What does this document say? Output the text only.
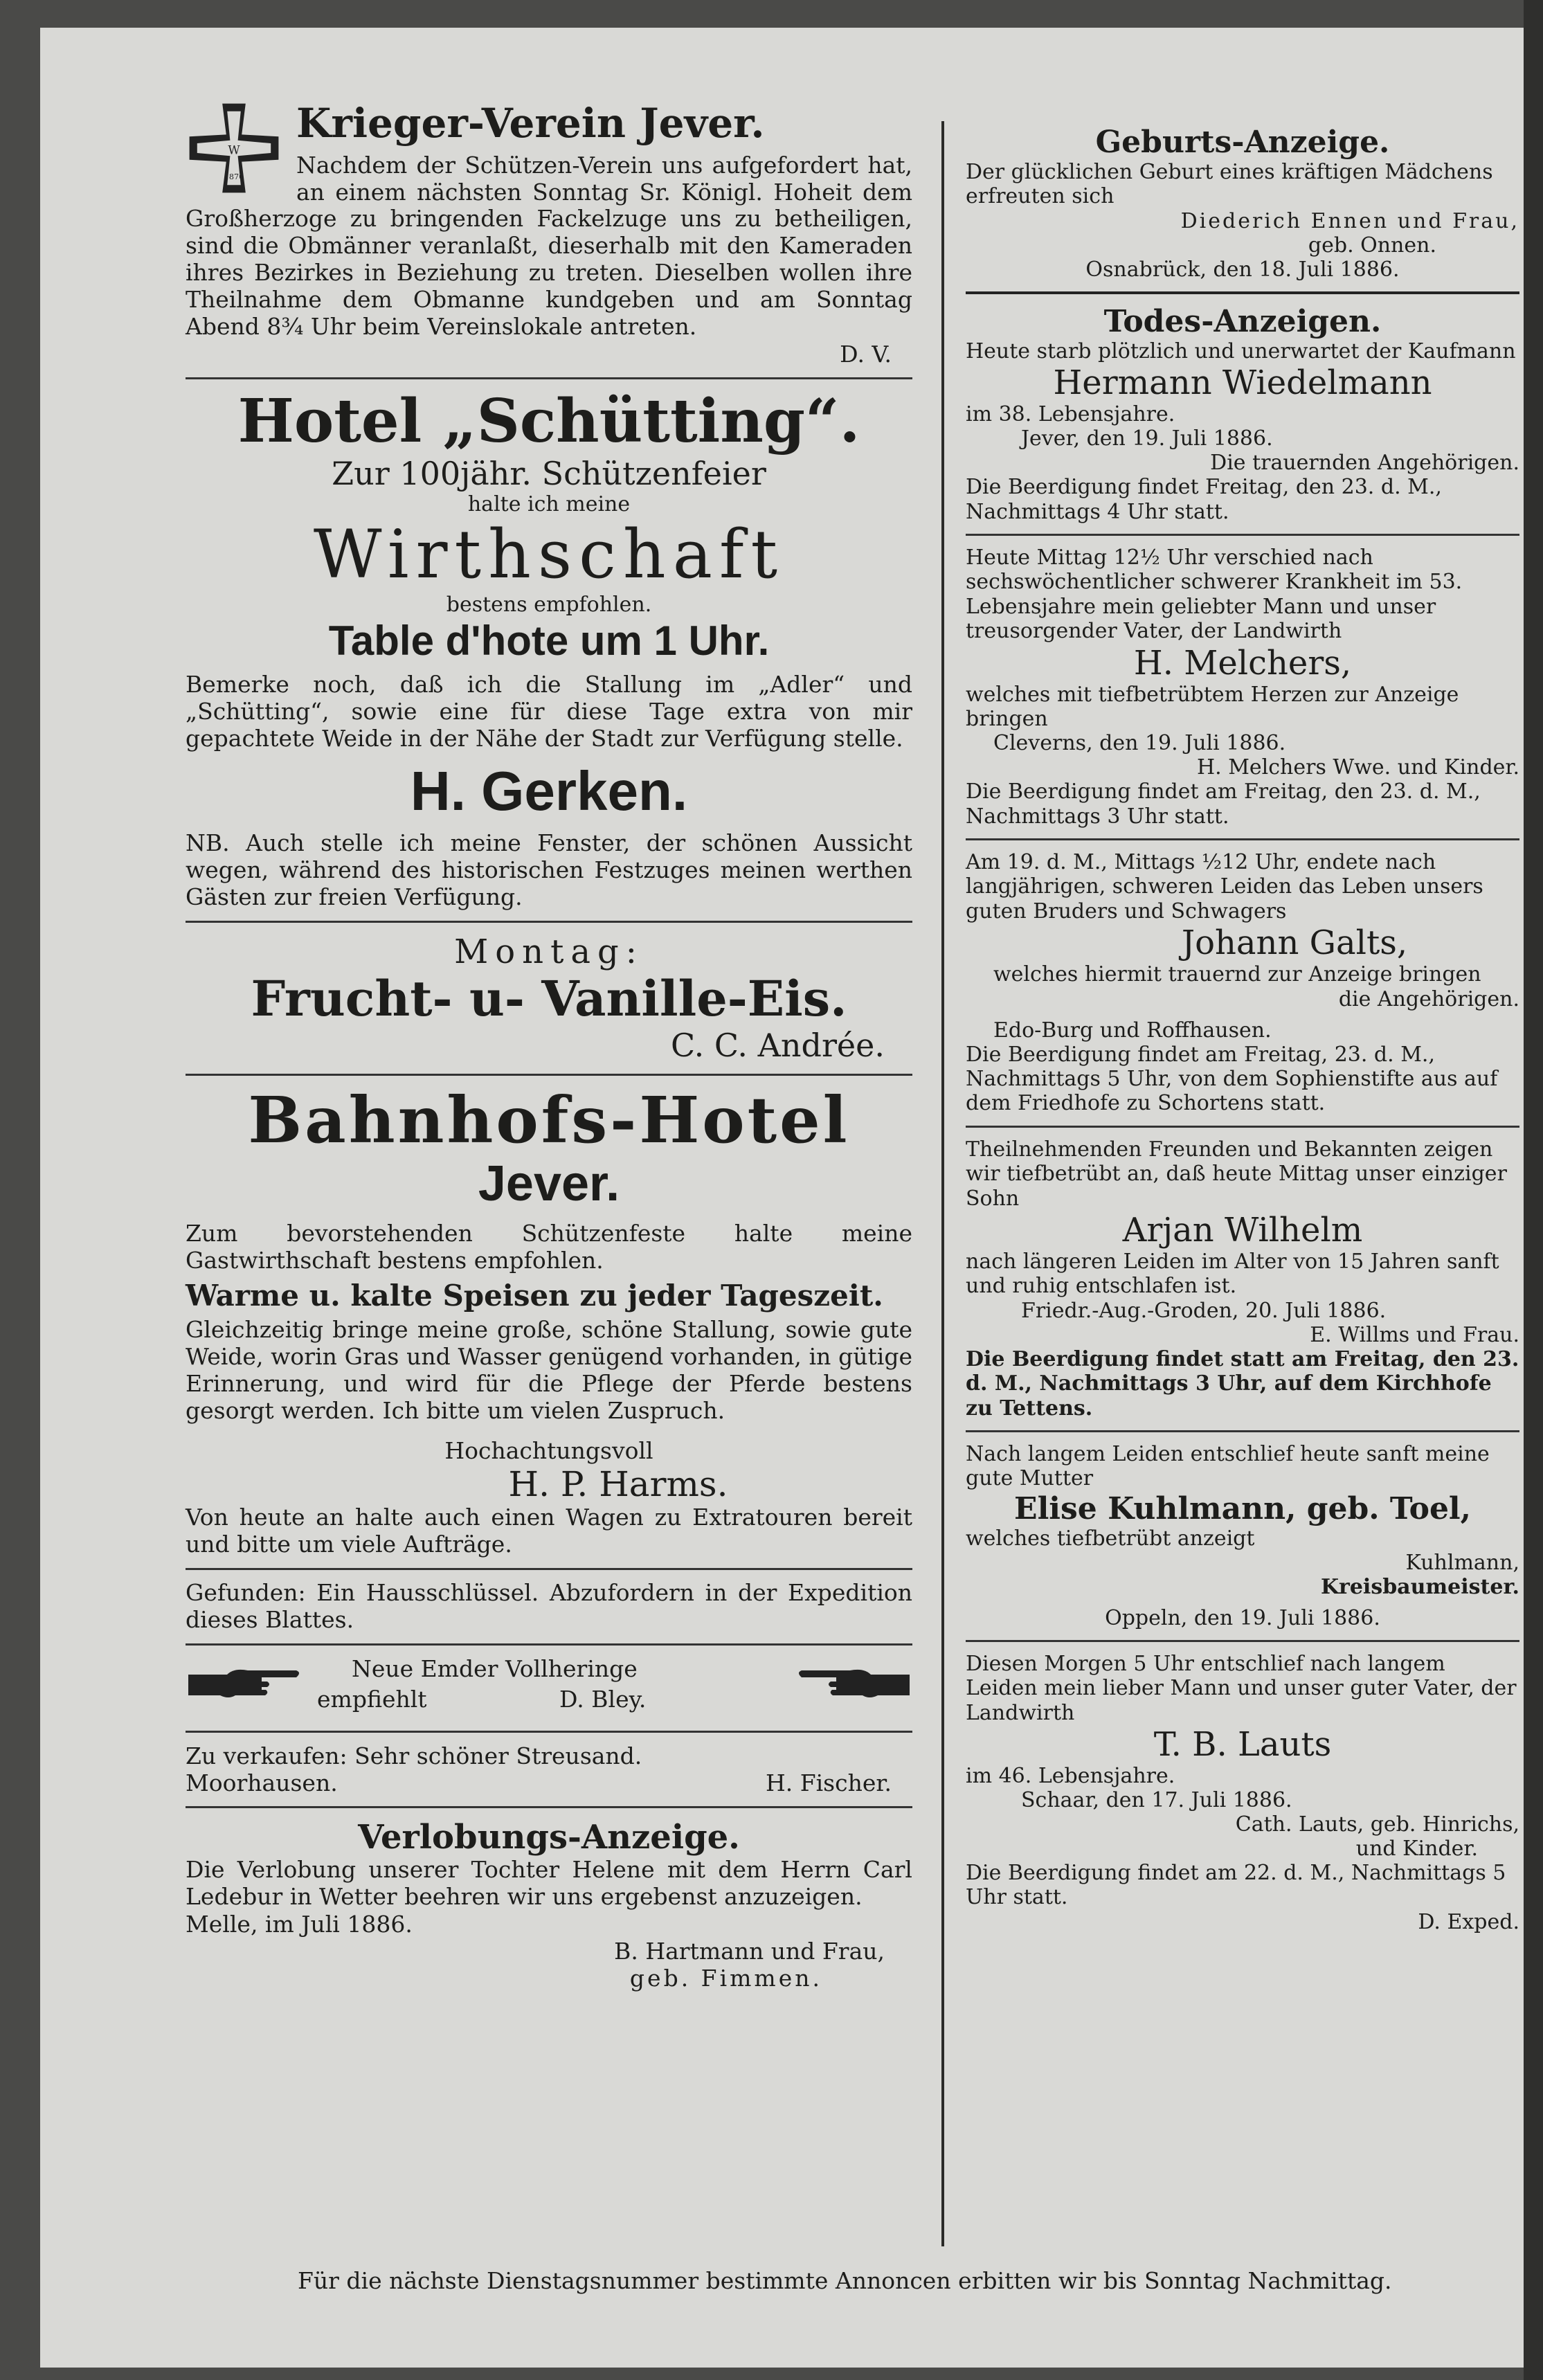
W
1870
Krieger-Verein Jever.
Nachdem der Schützen-Verein uns aufgefordert hat, an einem nächsten Sonntag Sr. Königl. Hoheit dem Großherzoge zu bringenden Fackelzuge uns zu betheiligen, sind die Obmänner veranlaßt, dieserhalb mit den Kameraden ihres Bezirkes in Beziehung zu treten. Dieselben wollen ihre Theilnahme dem Obmanne kundgeben und am Sonntag Abend 8¾ Uhr beim Vereinslokale antreten.
D. V.
Hotel „Schütting“.
Zur 100jähr. Schützenfeier
halte ich meine
Wirthschaft
bestens empfohlen.
Table d'hote um 1 Uhr.
Bemerke noch, daß ich die Stallung im „Adler“ und „Schütting“, sowie eine für diese Tage extra von mir gepachtete Weide in der Nähe der Stadt zur Verfügung stelle.
H. Gerken.
NB. Auch stelle ich meine Fenster, der schönen Aussicht wegen, während des historischen Festzuges meinen werthen Gästen zur freien Verfügung.
Montag:
Frucht- u- Vanille-Eis.
C. C. Andrée.
Bahnhofs-Hotel
Jever.
Zum bevorstehenden Schützenfeste halte meine Gastwirthschaft bestens empfohlen.
Warme u. kalte Speisen zu jeder Tageszeit.
Gleichzeitig bringe meine große, schöne Stallung, sowie gute Weide, worin Gras und Wasser genügend vorhanden, in gütige Erinnerung, und wird für die Pflege der Pferde bestens gesorgt werden. Ich bitte um vielen Zuspruch.
Hochachtungsvoll
H. P. Harms.
Von heute an halte auch einen Wagen zu Extratouren bereit und bitte um viele Aufträge.
Gefunden: Ein Hausschlüssel. Abzufordern in der Expedition dieses Blattes.
Neue Emder Vollheringe
empfiehlt	D. Bley.
Zu verkaufen: Sehr schöner Streusand.
Moorhausen.	H. Fischer.
Verlobungs-Anzeige.
Die Verlobung unserer Tochter Helene mit dem Herrn Carl Ledebur in Wetter beehren wir uns ergebenst anzuzeigen.
Melle, im Juli 1886.
B. Hartmann und Frau,
geb. Fimmen.
Geburts-Anzeige.
Der glücklichen Geburt eines kräftigen Mädchens erfreuten sich
Diederich Ennen und Frau,
geb. Onnen.
Osnabrück, den 18. Juli 1886.
Todes-Anzeigen.
Heute starb plötzlich und unerwartet der Kaufmann
Hermann Wiedelmann
im 38. Lebensjahre.
Jever, den 19. Juli 1886.
Die trauernden Angehörigen.
Die Beerdigung findet Freitag, den 23. d. M., Nachmittags 4 Uhr statt.
Heute Mittag 12½ Uhr verschied nach sechswöchentlicher schwerer Krankheit im 53. Lebensjahre mein geliebter Mann und unser treusorgender Vater, der Landwirth
H. Melchers,
welches mit tiefbetrübtem Herzen zur Anzeige bringen
Cleverns, den 19. Juli 1886.
H. Melchers Wwe. und Kinder.
Die Beerdigung findet am Freitag, den 23. d. M., Nachmittags 3 Uhr statt.
Am 19. d. M., Mittags ½12 Uhr, endete nach langjährigen, schweren Leiden das Leben unsers guten Bruders und Schwagers
Johann Galts,
welches hiermit trauernd zur Anzeige bringen
die Angehörigen.
Edo-Burg und Roffhausen.
Die Beerdigung findet am Freitag, 23. d. M., Nachmittags 5 Uhr, von dem Sophienstifte aus auf dem Friedhofe zu Schortens statt.
Theilnehmenden Freunden und Bekannten zeigen wir tiefbetrübt an, daß heute Mittag unser einziger Sohn
Arjan Wilhelm
nach längeren Leiden im Alter von 15 Jahren sanft und ruhig entschlafen ist.
Friedr.-Aug.-Groden, 20. Juli 1886.
E. Willms und Frau.
Die Beerdigung findet statt am Freitag, den 23. d. M., Nachmittags 3 Uhr, auf dem Kirchhofe zu Tettens.
Nach langem Leiden entschlief heute sanft meine gute Mutter
Elise Kuhlmann, geb. Toel,
welches tiefbetrübt anzeigt
Kuhlmann,
Kreisbaumeister.
Oppeln, den 19. Juli 1886.
Diesen Morgen 5 Uhr entschlief nach langem Leiden mein lieber Mann und unser guter Vater, der Landwirth
T. B. Lauts
im 46. Lebensjahre.
Schaar, den 17. Juli 1886.
Cath. Lauts, geb. Hinrichs,
und Kinder.
Die Beerdigung findet am 22. d. M., Nachmittags 5 Uhr statt.
D. Exped.
Für die nächste Dienstagsnummer bestimmte Annoncen erbitten wir bis Sonntag Nachmittag.
